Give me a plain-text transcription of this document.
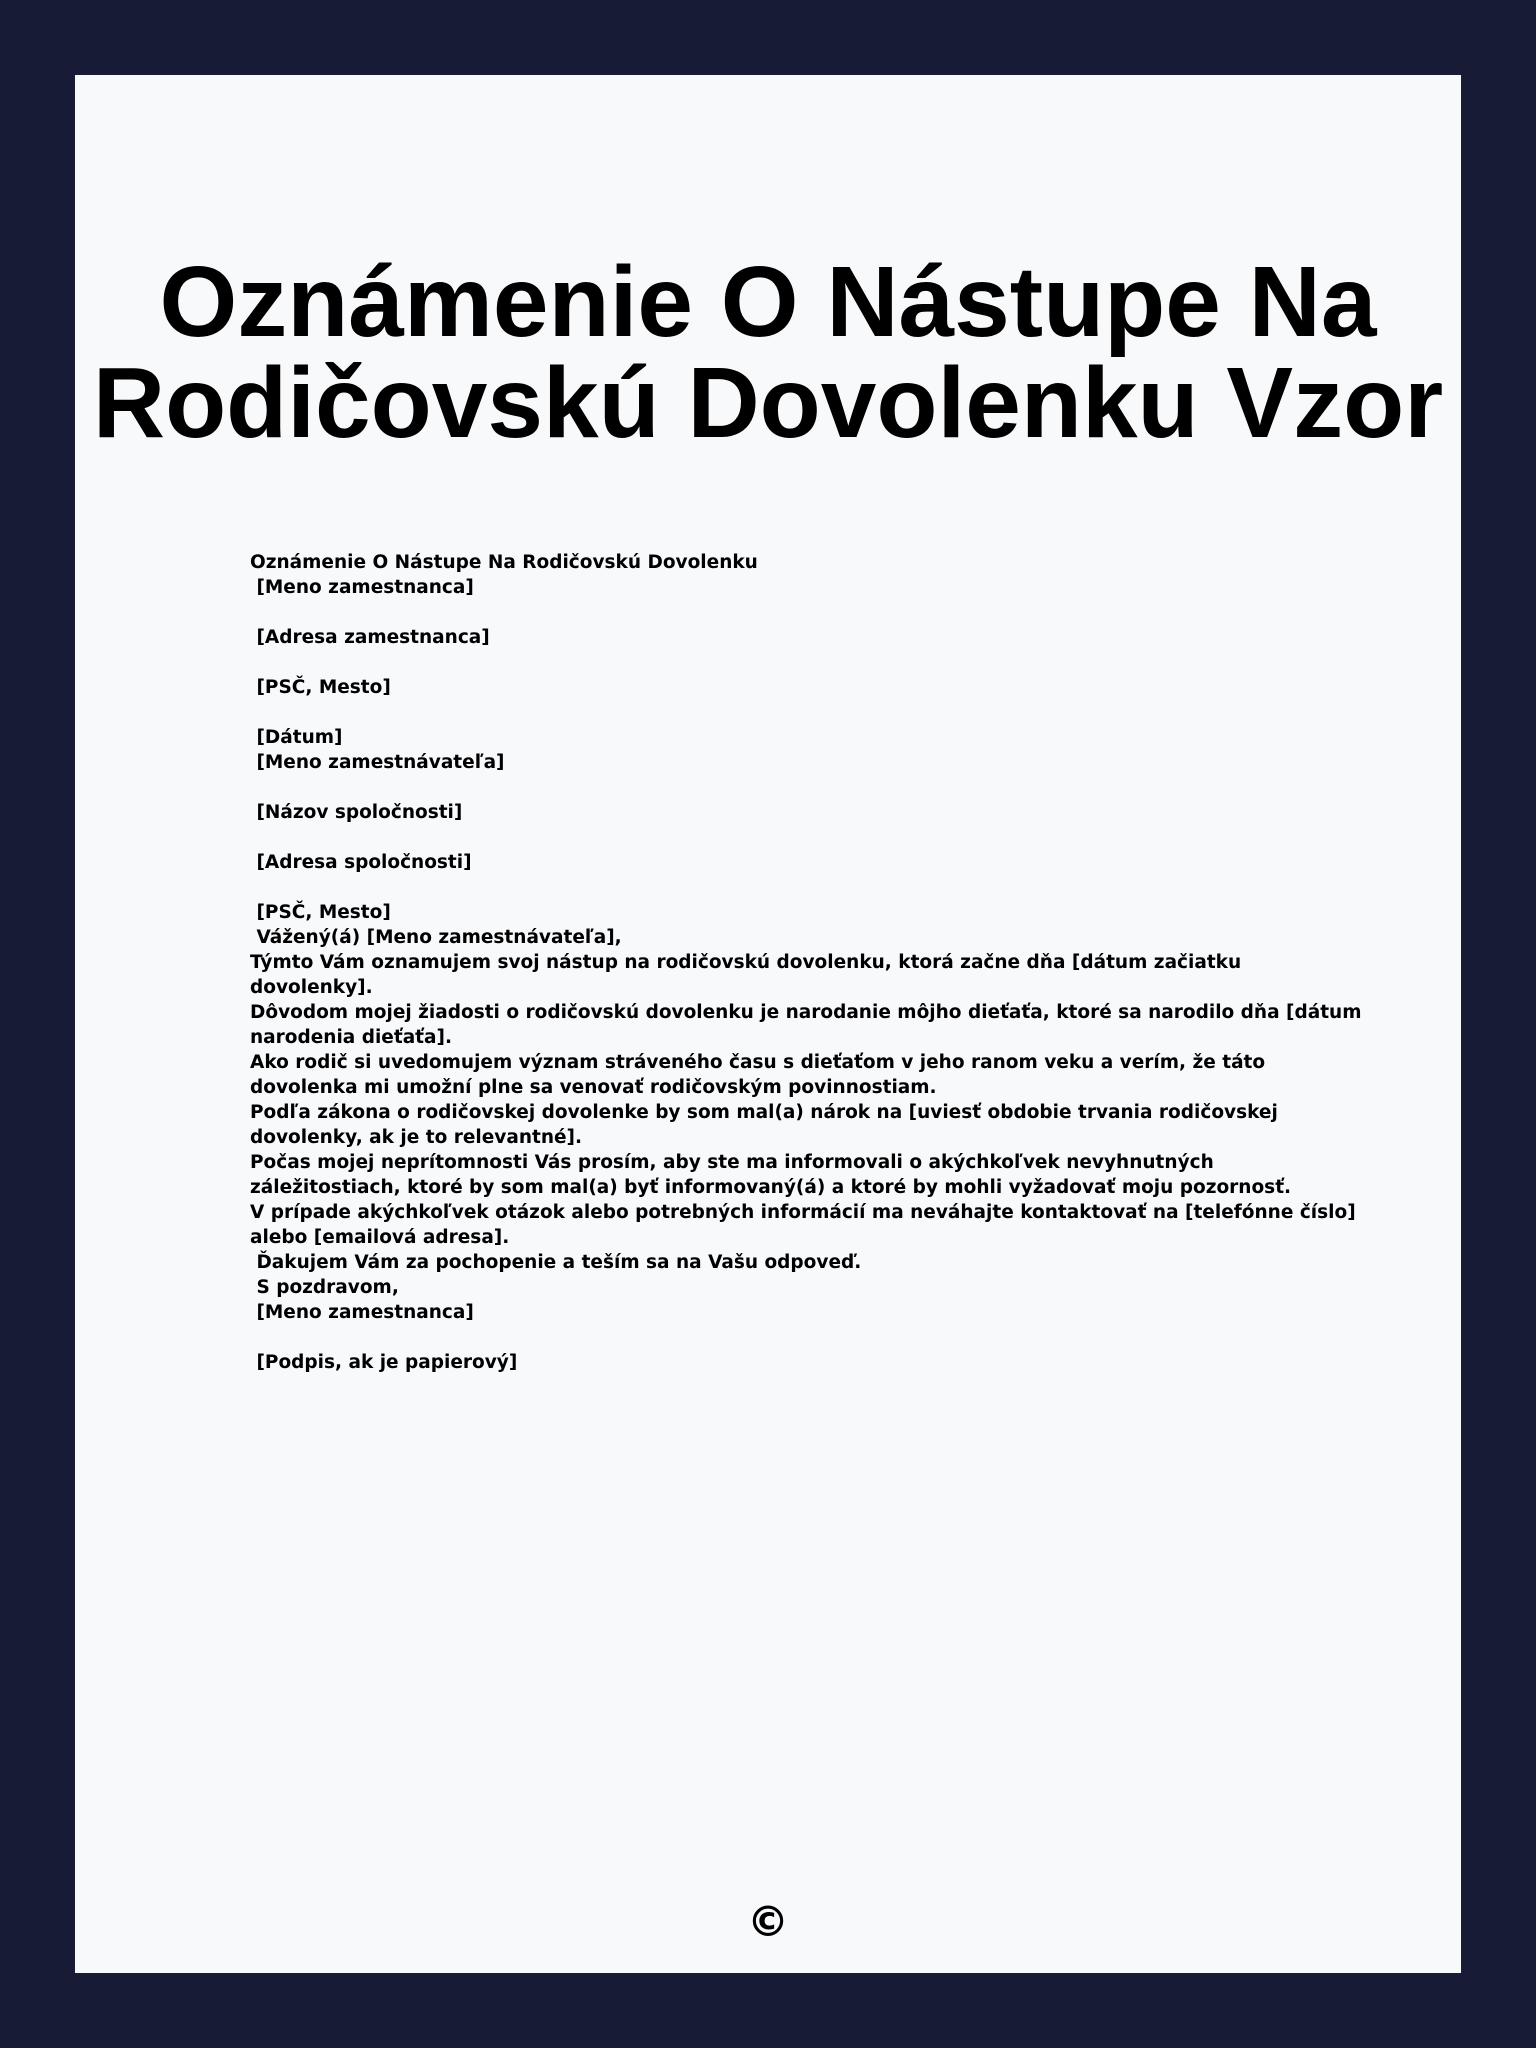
Oznámenie O Nástupe Na
Rodičovskú Dovolenku Vzor
Oznámenie O Nástupe Na Rodičovskú Dovolenku
[Meno zamestnanca]
[Adresa zamestnanca]
[PSČ, Mesto]
[Dátum]
[Meno zamestnávateľa]
[Názov spoločnosti]
[Adresa spoločnosti]
[PSČ, Mesto]
Vážený(á) [Meno zamestnávateľa],
Týmto Vám oznamujem svoj nástup na rodičovskú dovolenku, ktorá začne dňa [dátum začiatku dovolenky].
Dôvodom mojej žiadosti o rodičovskú dovolenku je narodanie môjho dieťaťa, ktoré sa narodilo dňa [dátum narodenia dieťaťa].
Ako rodič si uvedomujem význam stráveného času s dieťaťom v jeho ranom veku a verím, že táto dovolenka mi umožní plne sa venovať rodičovským povinnostiam.
Podľa zákona o rodičovskej dovolenke by som mal(a) nárok na [uviesť obdobie trvania rodičovskej dovolenky, ak je to relevantné].
Počas mojej neprítomnosti Vás prosím, aby ste ma informovali o akýchkoľvek nevyhnutných záležitostiach, ktoré by som mal(a) byť informovaný(á) a ktoré by mohli vyžadovať moju pozornosť.
V prípade akýchkoľvek otázok alebo potrebných informácií ma neváhajte kontaktovať na [telefónne číslo] alebo [emailová adresa].
Ďakujem Vám za pochopenie a teším sa na Vašu odpoveď.
S pozdravom,
[Meno zamestnanca]
[Podpis, ak je papierový]
©
